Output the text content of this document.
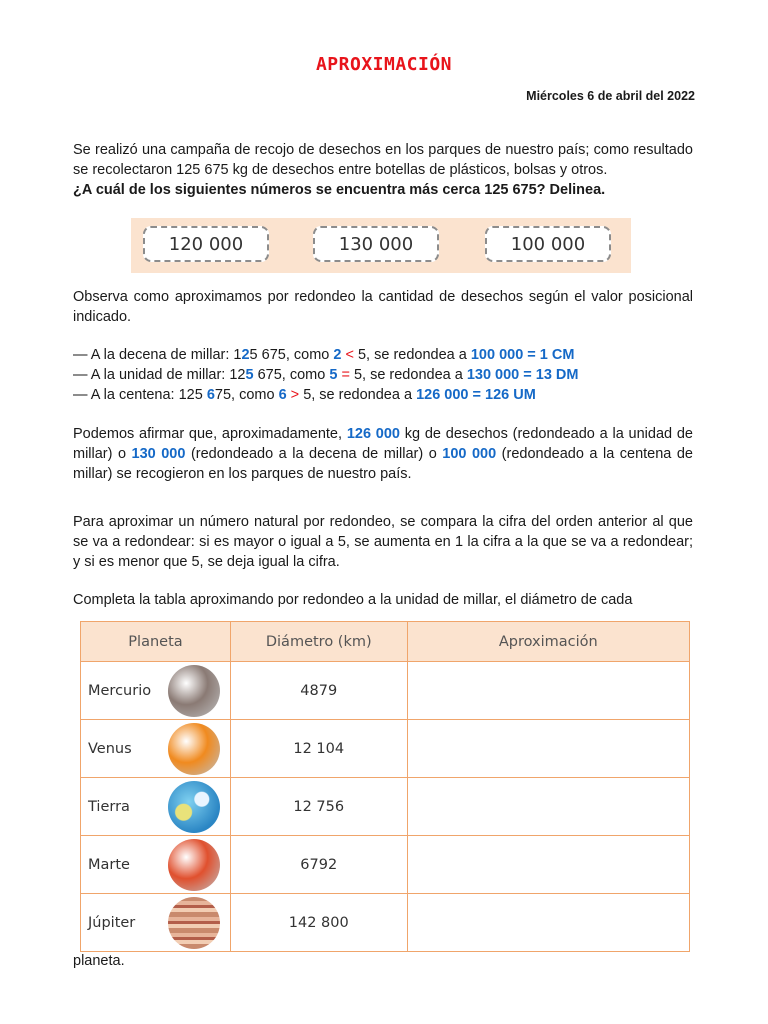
APROXIMACIÓN
Miércoles 6 de abril del 2022
Se realizó una campaña de recojo de desechos en los parques de nuestro país; como resultado se recolectaron 125 675 kg de desechos entre botellas de plásticos, bolsas y otros.
¿A cuál de los siguientes números se encuentra más cerca 125 675? Delinea.
120 000	130 000	100 000
Observa como aproximamos por redondeo la cantidad de desechos según el valor posicional indicado.
— A la decena de millar: 125 675, como 2 < 5, se redondea a 100 000 = 1 CM
— A la unidad de millar: 125 675, como 5 = 5, se redondea a 130 000 = 13 DM
— A la centena: 125 675, como 6 > 5, se redondea a 126 000 = 126 UM
Podemos afirmar que, aproximadamente, 126 000 kg de desechos (redondeado a la unidad de millar) o 130 000 (redondeado a la decena de millar) o 100 000 (redondeado a la centena de millar) se recogieron en los parques de nuestro país.
Para aproximar un número natural por redondeo, se compara la cifra del orden anterior al que se va a redondear: si es mayor o igual a 5, se aumenta en 1 la cifra a la que se va a redondear; y si es menor que 5, se deja igual la cifra.
Completa la tabla aproximando por redondeo a la unidad de millar, el diámetro de cada
Planeta	Diámetro (km)	Aproximación

Mercurio	4879	

Venus	12 104	

Tierra	12 756	

Marte	6792	

Júpiter	142 800	
planeta.
